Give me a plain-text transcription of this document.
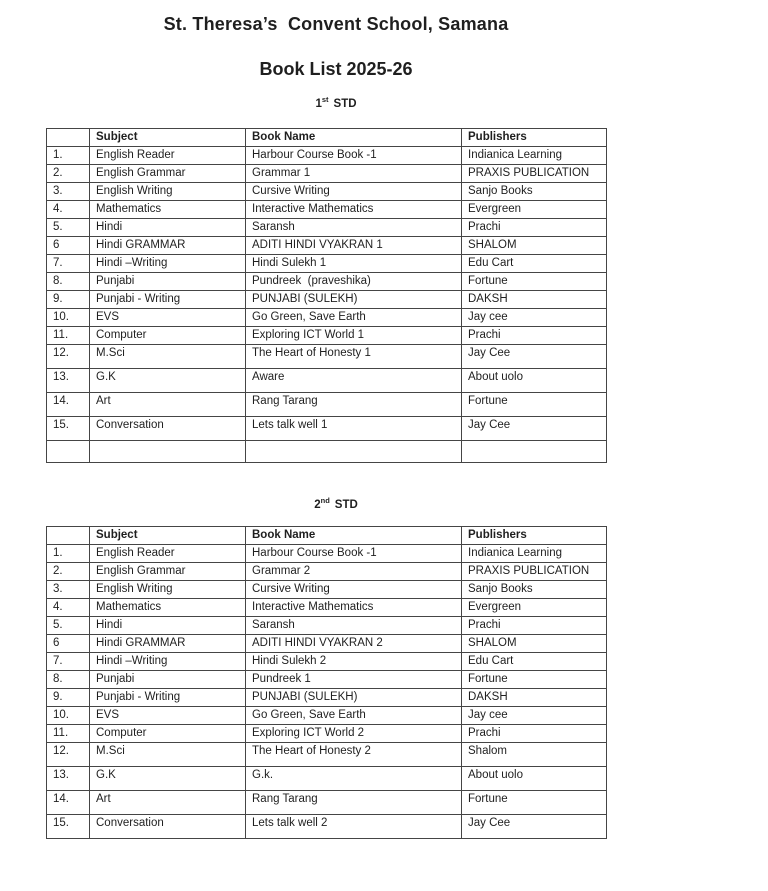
St. Theresa’s  Convent School, Samana
Book List 2025-26
1st STD
	Subject	Book Name	Publishers
1.	English Reader	Harbour Course Book -1	Indianica Learning
2.	English Grammar	Grammar 1	PRAXIS PUBLICATION
3.	English Writing	Cursive Writing	Sanjo Books
4.	Mathematics	Interactive Mathematics	Evergreen
5.	Hindi	Saransh	Prachi
6	Hindi GRAMMAR	ADITI HINDI VYAKRAN 1	SHALOM
7.	Hindi –Writing	Hindi Sulekh 1	Edu Cart
8.	Punjabi	Pundreek  (praveshika)	Fortune
9.	Punjabi - Writing	PUNJABI (SULEKH)	DAKSH
10.	EVS	Go Green, Save Earth	Jay cee
11.	Computer	Exploring ICT World 1	Prachi
12.	M.Sci	The Heart of Honesty 1	Jay Cee
13.	G.K	Aware	About uolo
14.	Art	Rang Tarang	Fortune
15.	Conversation	Lets talk well 1	Jay Cee

2nd STD
	Subject	Book Name	Publishers
1.	English Reader	Harbour Course Book -1	Indianica Learning
2.	English Grammar	Grammar 2	PRAXIS PUBLICATION
3.	English Writing	Cursive Writing	Sanjo Books
4.	Mathematics	Interactive Mathematics	Evergreen
5.	Hindi	Saransh	Prachi
6	Hindi GRAMMAR	ADITI HINDI VYAKRAN 2	SHALOM
7.	Hindi –Writing	Hindi Sulekh 2	Edu Cart
8.	Punjabi	Pundreek 1	Fortune
9.	Punjabi - Writing	PUNJABI (SULEKH)	DAKSH
10.	EVS	Go Green, Save Earth	Jay cee
11.	Computer	Exploring ICT World 2	Prachi
12.	M.Sci	The Heart of Honesty 2	Shalom
13.	G.K	G.k.	About uolo
14.	Art	Rang Tarang	Fortune
15.	Conversation	Lets talk well 2	Jay Cee
